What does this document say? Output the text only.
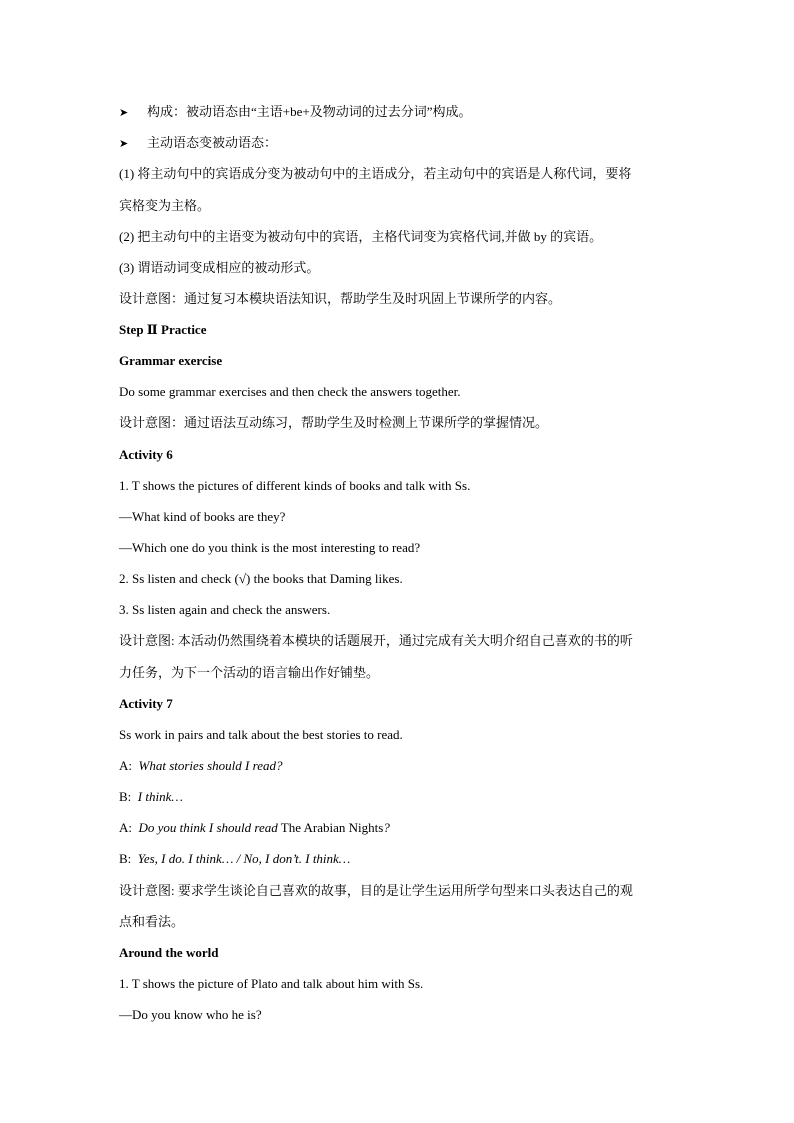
➤ 构成：被动语态由“主语+be+及物动词的过去分词”构成。
➤ 主动语态变被动语态：
(1) 将主动句中的宾语成分变为被动句中的主语成分，若主动句中的宾语是人称代词，要将
宾格变为主格。
(2) 把主动句中的主语变为被动句中的宾语，主格代词变为宾格代词,并做 by 的宾语。
(3) 谓语动词变成相应的被动形式。
设计意图：通过复习本模块语法知识，帮助学生及时巩固上节课所学的内容。
Step Ⅱ Practice
Grammar exercise
Do some grammar exercises and then check the answers together.
设计意图：通过语法互动练习，帮助学生及时检测上节课所学的掌握情况。
Activity 6
1. T shows the pictures of different kinds of books and talk with Ss.
—What kind of books are they?
—Which one do you think is the most interesting to read?
2. Ss listen and check (√) the books that Daming likes.
3. Ss listen again and check the answers.
设计意图: 本活动仍然围绕着本模块的话题展开，通过完成有关大明介绍自己喜欢的书的听
力任务，为下一个活动的语言输出作好铺垫。
Activity 7
Ss work in pairs and talk about the best stories to read.
A: What stories should I read?
B: I think…
A: Do you think I should read The Arabian Nights?
B: Yes, I do. I think… / No, I don’t. I think…
设计意图: 要求学生谈论自己喜欢的故事，目的是让学生运用所学句型来口头表达自己的观
点和看法。
Around the world
1. T shows the picture of Plato and talk about him with Ss.
—Do you know who he is?
